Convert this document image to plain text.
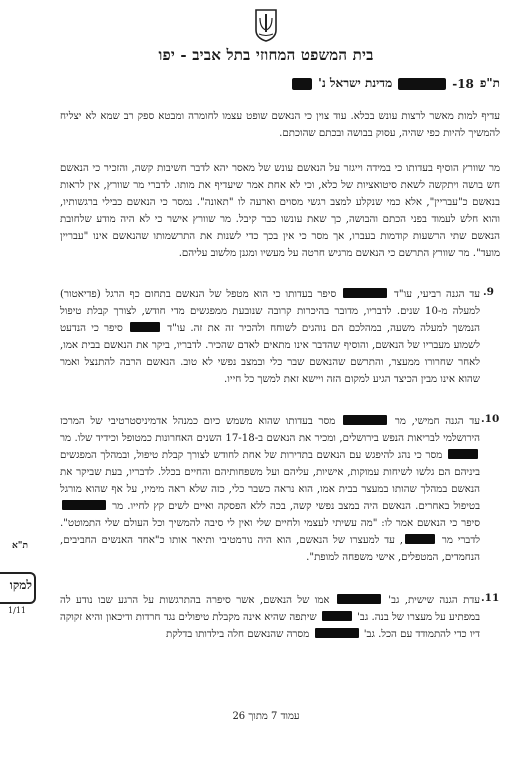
בית המשפט המחוזי בתל אביב - יפו
ת"פ
18-
מדינת ישראל נ'
עדיף למות מאשר לרצות עונש בכלא. עוד צוין כי הנאשם שופט עצמו לחומרה ומבטא ספק רב שמא לא יצליח להמשיך להיות כפי שהיה, עסוק בבושה ובכתם שהוכתם.
מר שוורץ הוסיף בעדותו כי במידה וייגזר על הנאשם עונש של מאסר יהא לדבר חשיבות קשה, והזכיר כי הנאשם חש בושה ויתקשה לשאת סיטואציות של כלא, וכי לא אחת אמר שיעדיף את מותו. לדברי מר שוורץ, אין לראות בנאשם כ"עבריין", אלא כמי שנקלע למצב רגשי מסוים וארעה לו "תאונה". נמסר כי הנאשם כבילי ברגשותיו, והוא חלש לעמוד בפני הכתם והבושה, כך שאת עונשו כבר קיבל. מר שוורץ אישר כי לא היה מודע שלחובת הנאשם שתי הרשעות קודמות בעברו, אך מסר כי אין בכך כדי לשנות את התרשמותו שהנאשם אינו "עבריין מועד". מר שוורץ התרשם כי הנאשם מרגיש חרטה על מעשיו ומגנן מלשוב עליהם.
.9
עד הגנה רביעי, עו"ד  סיפר בעדותו כי הוא מטפל של הנאשם בתחום כף הרגל (פדיאטור) למעלה מ-10 שנים. לדבריו, מדובר בהיכרות קרובה שנובעת ממפגשים מדי חודש, לצורך קבלת טיפול הנמשך למעלה משעה, במהלכם הם נוהגים לשוחח ולהכיר זה את זה. עו"ד  סיפר כי הנדעט לשמוע מעבריו של הנאשם, והוסיף שהדבר אינו מתאים לאדם שהכיר. לדבריו, ביקר את הנאשם בבית אמו, לאחר שחרורו ממעצר, והתרשם שהנאשם שבר כלי ובמצב נפשי לא טוב. הנאשם הרבה להתנצל ואמר שהוא אינו מבין הכיצד הגיע למקום הזה ויישא זאת למשך כל חייו.
.10
עד הגנה חמישי, מר  מסר בעדותו שהוא משמש כיום כמנהל אדמיניסטרטיבי של המרכז הירושלמי לבריאות הנפש בירושלים, ומכיר את הנאשם ב-17-18 השנים האחרונות כמטופל וכידיד שלו. מר  מסר כי נהג להיפגש עם הנאשם בתדירות של אחת לחודש לצורך קבלת טיפול, ובמהלך המפגשים ביניהם הם גלשו לשיחות עמוקות, אישיות, עליהם ועל משפחותיהם והחיים בכלל. לדבריו, בעת שביקר את הנאשם במהלך שהותו במעצר בבית אמו, הוא נראה כשבר כלי, כזה שלא ראה מימיו, על אף שהוא מורגל בטיפול באחרים. הנאשם היה במצב נפשי קשה, בכה ללא הפסקה ואיים לשים קץ לחייו. מר  סיפר כי הנאשם אמר לו: "מה עשיתי לעצמי ולחיים שלי ואין לי סיבה להמשיך וכל העולם שלי התמוטט". לדברי מר , עד למעצרו של הנאשם, הוא היה נורמטיבי ותיאר אותו כ"אחד האנשים החביבים, הנחמדים, המטפלים, אישי משפחה למופת".
.11
עדת הגנה שישית, גב'  אמו של הנאשם, אשר סיפרה בהתרגשות על הרגע שבו נודע לה במפתיע על מעצרו של בנה. גב'  שיתפה שהיא אינה מקבלת טיפולים נגד חרדות ודיכאון והיא זקוקה דיו כדי להתמודד עם הכל. גב'  מסרה שהנאשם חלה בילדותו בדלקת
עמוד 7 מתוך 26
ת"א
למקו
1/11
